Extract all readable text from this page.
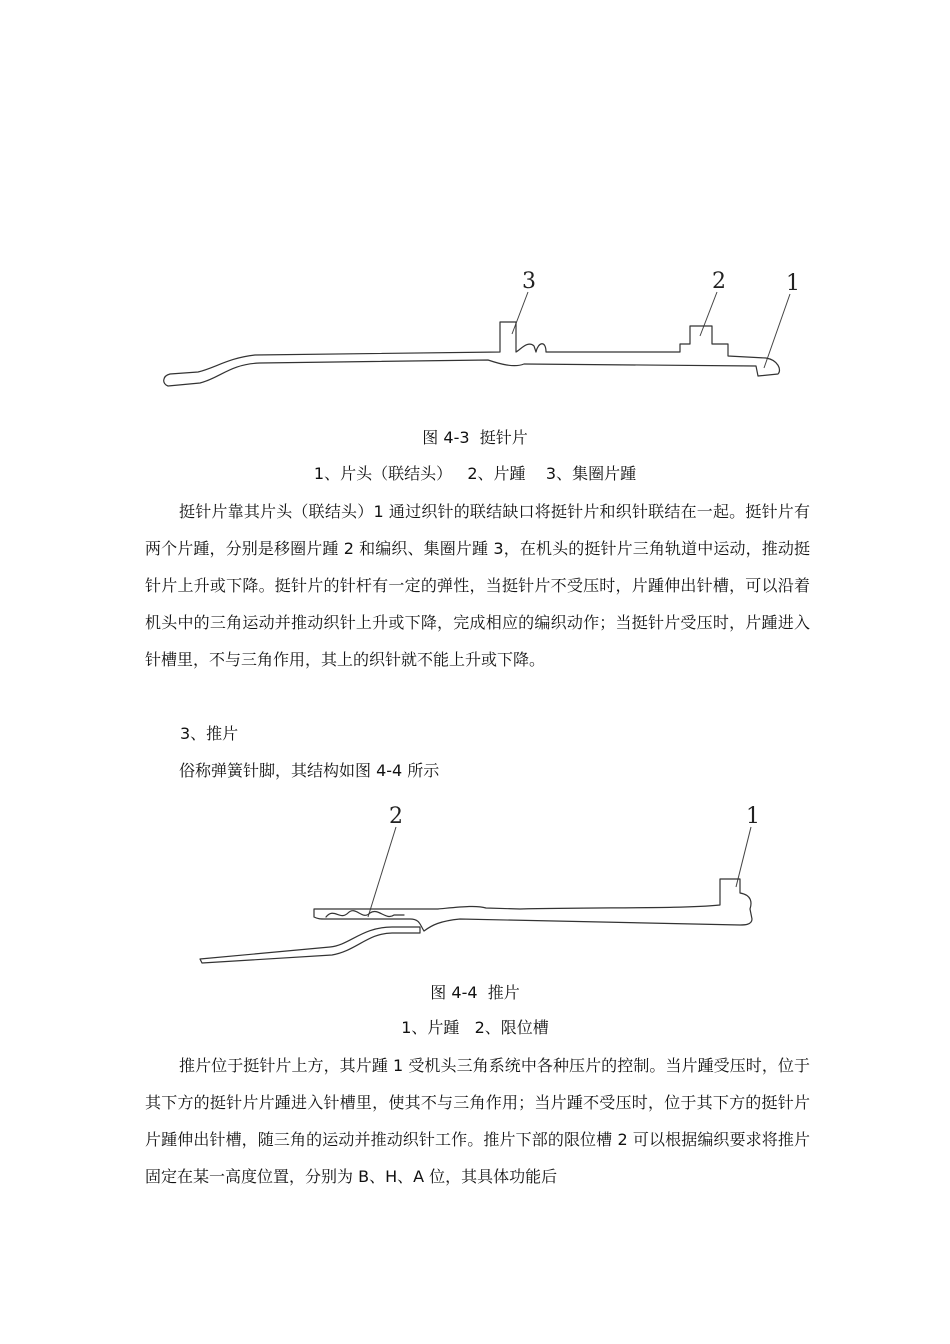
3	2	1
图 4-3  挺针片
1、片头（联结头）   2、片踵    3、集圈片踵

挺针片靠其片头（联结头）1 通过织针的联结缺口将挺针片和织针联结在一起。挺针片有两个片踵，分别是移圈片踵 2 和编织、集圈片踵 3，在机头的挺针片三角轨道中运动，推动挺针片上升或下降。挺针片的针杆有一定的弹性，当挺针片不受压时，片踵伸出针槽，可以沿着机头中的三角运动并推动织针上升或下降，完成相应的编织动作；当挺针片受压时，片踵进入针槽里，不与三角作用，其上的织针就不能上升或下降。

3、推片
俗称弹簧针脚，其结构如图 4-4 所示
2	1
图 4-4  推片
1、片踵   2、限位槽

推片位于挺针片上方，其片踵 1 受机头三角系统中各种压片的控制。当片踵受压时，位于其下方的挺针片片踵进入针槽里，使其不与三角作用；当片踵不受压时，位于其下方的挺针片片踵伸出针槽，随三角的运动并推动织针工作。推片下部的限位槽 2 可以根据编织要求将推片固定在某一高度位置，分别为 B、H、A 位，其具体功能后
